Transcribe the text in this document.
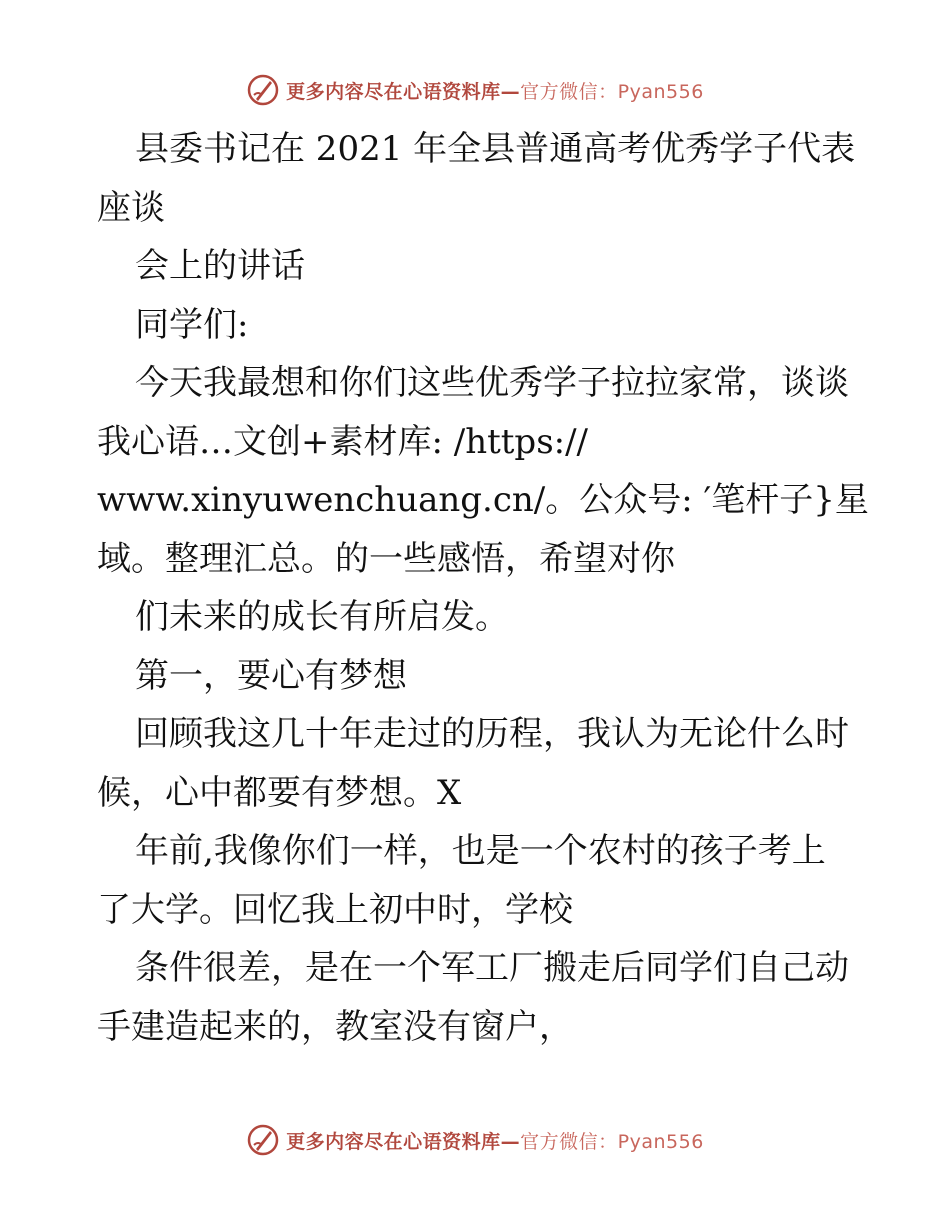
更多内容尽在心语资料库—官方微信：Pyan556
县委书记在 2021 年全县普通高考优秀学子代表
座谈
会上的讲话
同学们:
今天我最想和你们这些优秀学子拉拉家常，谈谈
我心语…文创+素材库: /https://
www.xinyuwenchuang.cn/。公众号: ′笔杆子}星
域。整理汇总。的一些感悟，希望对你
们未来的成长有所启发。
第一，要心有梦想
回顾我这几十年走过的历程，我认为无论什么时
候，心中都要有梦想。X
年前,我像你们一样，也是一个农村的孩子考上
了大学。回忆我上初中时，学校
条件很差，是在一个军工厂搬走后同学们自己动
手建造起来的，教室没有窗户，
更多内容尽在心语资料库—官方微信：Pyan556
